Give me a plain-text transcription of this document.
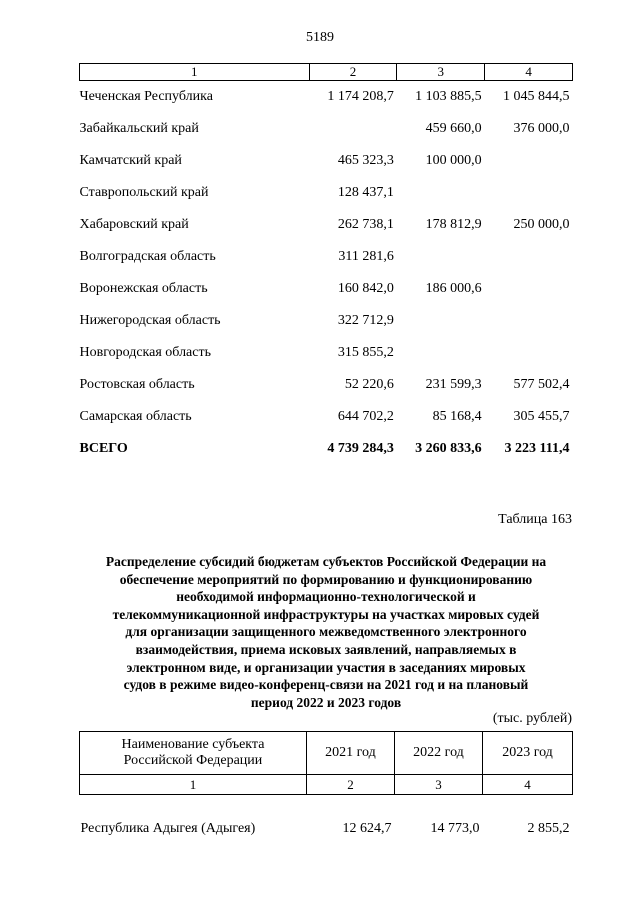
5189
1	2	3	4
Чеченская Республика	1 174 208,7	1 103 885,5	1 045 844,5
Забайкальский край		459 660,0	376 000,0
Камчатский край	465 323,3	100 000,0	
Ставропольский край	128 437,1		
Хабаровский край	262 738,1	178 812,9	250 000,0
Волгоградская область	311 281,6		
Воронежская область	160 842,0	186 000,6	
Нижегородская область	322 712,9		
Новгородская область	315 855,2		
Ростовская область	52 220,6	231 599,3	577 502,4
Самарская область	644 702,2	85 168,4	305 455,7
ВСЕГО	4 739 284,3	3 260 833,6	3 223 111,4
Таблица 163
Распределение субсидий бюджетам субъектов Российской Федерации на
обеспечение мероприятий по формированию и функционированию
необходимой информационно-технологической и
телекоммуникационной инфраструктуры на участках мировых судей
для организации защищенного межведомственного электронного
взаимодействия, приема исковых заявлений, направляемых в
электронном виде, и организации участия в заседаниях мировых
судов в режиме видео-конференц-связи на 2021 год и на плановый
период 2022 и 2023 годов
(тыс. рублей)
Наименование субъекта
Российской Федерации	2021 год	2022 год	2023 год
1	2	3	4

Республика Адыгея (Адыгея)	12 624,7	14 773,0	2 855,2
